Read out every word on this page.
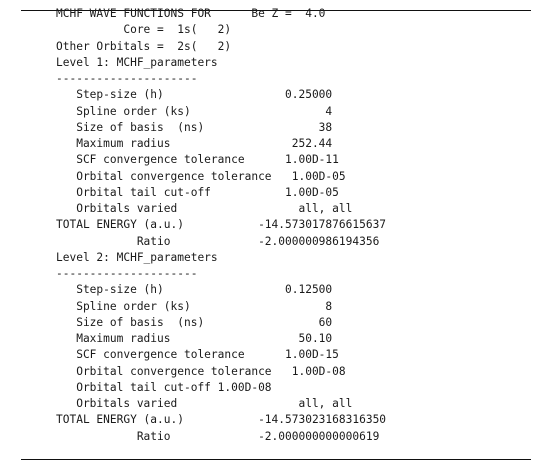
MCHF WAVE FUNCTIONS FOR      Be Z =  4.0
Core =  1s(   2)
Other Orbitals =  2s(   2)
Level 1: MCHF_parameters
---------------------
Step-size (h)                  0.25000
Spline order (ks)                    4
Size of basis  (ns)                 38
Maximum radius                  252.44
SCF convergence tolerance      1.00D-11
Orbital convergence tolerance   1.00D-05
Orbital tail cut-off           1.00D-05
Orbitals varied                  all, all
TOTAL ENERGY (a.u.)           -14.573017876615637
Ratio             -2.000000986194356
Level 2: MCHF_parameters
---------------------
Step-size (h)                  0.12500
Spline order (ks)                    8
Size of basis  (ns)                 60
Maximum radius                   50.10
SCF convergence tolerance      1.00D-15
Orbital convergence tolerance   1.00D-08
Orbital tail cut-off 1.00D-08
Orbitals varied                  all, all
TOTAL ENERGY (a.u.)           -14.573023168316350
Ratio             -2.000000000000619
